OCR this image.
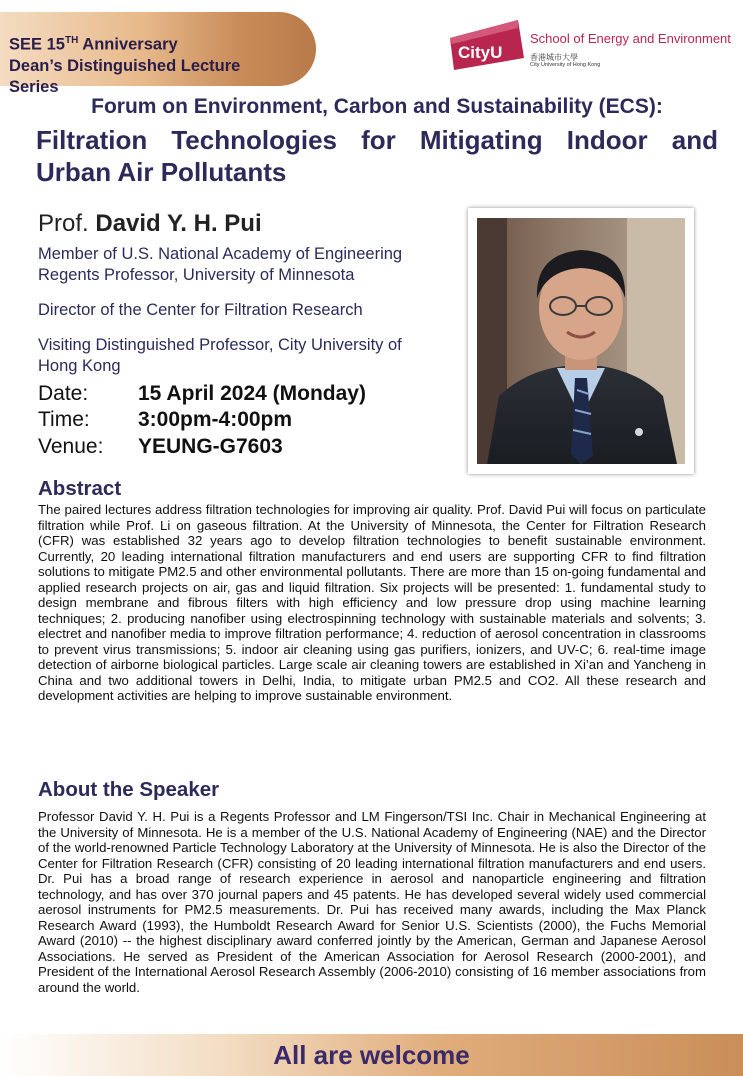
SEE 15TH Anniversary
Dean’s Distinguished Lecture
Series
CityU
School of Energy and Environment
香港城市大學
City University of Hong Kong
Forum on Environment, Carbon and Sustainability (ECS):
Filtration Technologies for Mitigating Indoor and
Urban Air Pollutants
Prof. David Y. H. Pui
Member of U.S. National Academy of Engineering
Regents Professor, University of Minnesota
Director of the Center for Filtration Research
Visiting Distinguished Professor, City University of
Hong Kong
Date: 15 April 2024 (Monday)
Time: 3:00pm-4:00pm
Venue: YEUNG-G7603
Abstract
The paired lectures address filtration technologies for improving air quality. Prof. David Pui will focus on particulate filtration while Prof. Li on gaseous filtration. At the University of Minnesota, the Center for Filtration Research (CFR) was established 32 years ago to develop filtration technologies to benefit sustainable environment. Currently, 20 leading international filtration manufacturers and end users are supporting CFR to find filtration solutions to mitigate PM2.5 and other environmental pollutants. There are more than 15 on-going fundamental and applied research projects on air, gas and liquid filtration. Six projects will be presented: 1. fundamental study to design membrane and fibrous filters with high efficiency and low pressure drop using machine learning techniques; 2. producing nanofiber using electrospinning technology with sustainable materials and solvents; 3. electret and nanofiber media to improve filtration performance; 4. reduction of aerosol concentration in classrooms to prevent virus transmissions; 5. indoor air cleaning using gas purifiers, ionizers, and UV-C; 6. real-time image detection of airborne biological particles. Large scale air cleaning towers are established in Xi’an and Yancheng in China and two additional towers in Delhi, India, to mitigate urban PM2.5 and CO2. All these research and development activities are helping to improve sustainable environment.
About the Speaker
Professor David Y. H. Pui is a Regents Professor and LM Fingerson/TSI Inc. Chair in Mechanical Engineering at the University of Minnesota. He is a member of the U.S. National Academy of Engineering (NAE) and the Director of the world-renowned Particle Technology Laboratory at the University of Minnesota. He is also the Director of the Center for Filtration Research (CFR) consisting of 20 leading international filtration manufacturers and end users. Dr. Pui has a broad range of research experience in aerosol and nanoparticle engineering and filtration technology, and has over 370 journal papers and 45 patents. He has developed several widely used commercial aerosol instruments for PM2.5 measurements. Dr. Pui has received many awards, including the Max Planck Research Award (1993), the Humboldt Research Award for Senior U.S. Scientists (2000), the Fuchs Memorial Award (2010) -- the highest disciplinary award conferred jointly by the American, German and Japanese Aerosol Associations. He served as President of the American Association for Aerosol Research (2000-2001), and President of the International Aerosol Research Assembly (2006-2010) consisting of 16 member associations from around the world.
All are welcome
